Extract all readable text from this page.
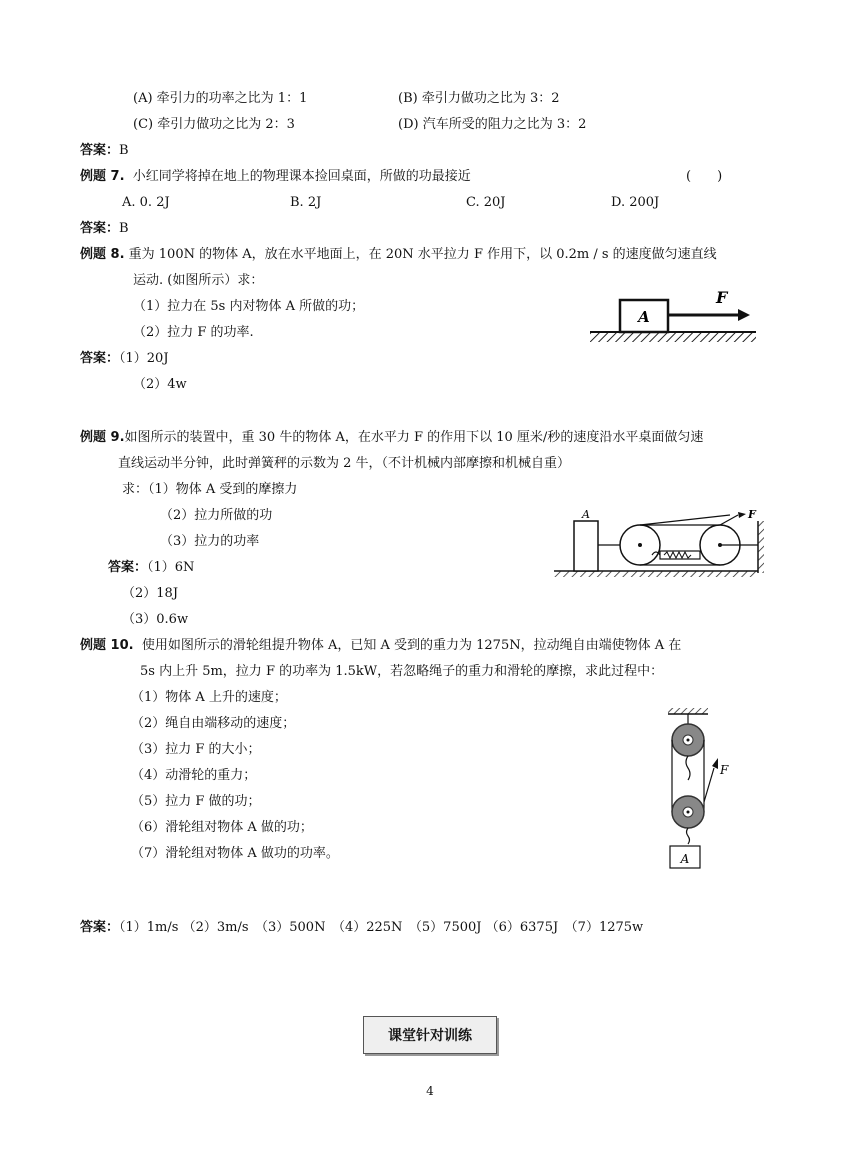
(A) 牵引力的功率之比为 1：1	(B) 牵引力做功之比为 3：2
(C) 牵引力做功之比为 2：3	(D) 汽车所受的阻力之比为 3：2
答案：B
例题 7. 小红同学将掉在地上的物理课本捡回桌面，所做的功最接近	(　　)
A. 0. 2J	B. 2J	C. 20J	D. 200J
答案：B
例题 8. 重为 100N 的物体 A，放在水平地面上，在 20N 水平拉力 F 作用下，以 0.2m / s 的速度做匀速直线
运动. (如图所示）求：
（1）拉力在 5s 内对物体 A 所做的功；
（2）拉力 F 的功率.
答案：（1）20J
（2）4w
A
F
例题 9.如图所示的装置中，重 30 牛的物体 A，在水平力 F 的作用下以 10 厘米/秒的速度沿水平桌面做匀速
直线运动半分钟，此时弹簧秤的示数为 2 牛，（不计机械内部摩擦和机械自重）
求：（1）物体 A 受到的摩擦力
（2）拉力所做的功
（3）拉力的功率
答案：（1）6N
（2）18J
（3）0.6w
A	F
例题 10. 使用如图所示的滑轮组提升物体 A，已知 A 受到的重力为 1275N，拉动绳自由端使物体 A 在
5s 内上升 5m，拉力 F 的功率为 1.5kW，若忽略绳子的重力和滑轮的摩擦，求此过程中：
（1）物体 A 上升的速度；
（2）绳自由端移动的速度；
（3）拉力 F 的大小；
（4）动滑轮的重力；
（5）拉力 F 做的功；
（6）滑轮组对物体 A 做的功；
（7）滑轮组对物体 A 做功的功率。
F
A
答案：（1）1m/s （2）3m/s　（3）500N　（4）225N　（5）7500J （6）6375J　（7）1275w
课堂针对训练
4
